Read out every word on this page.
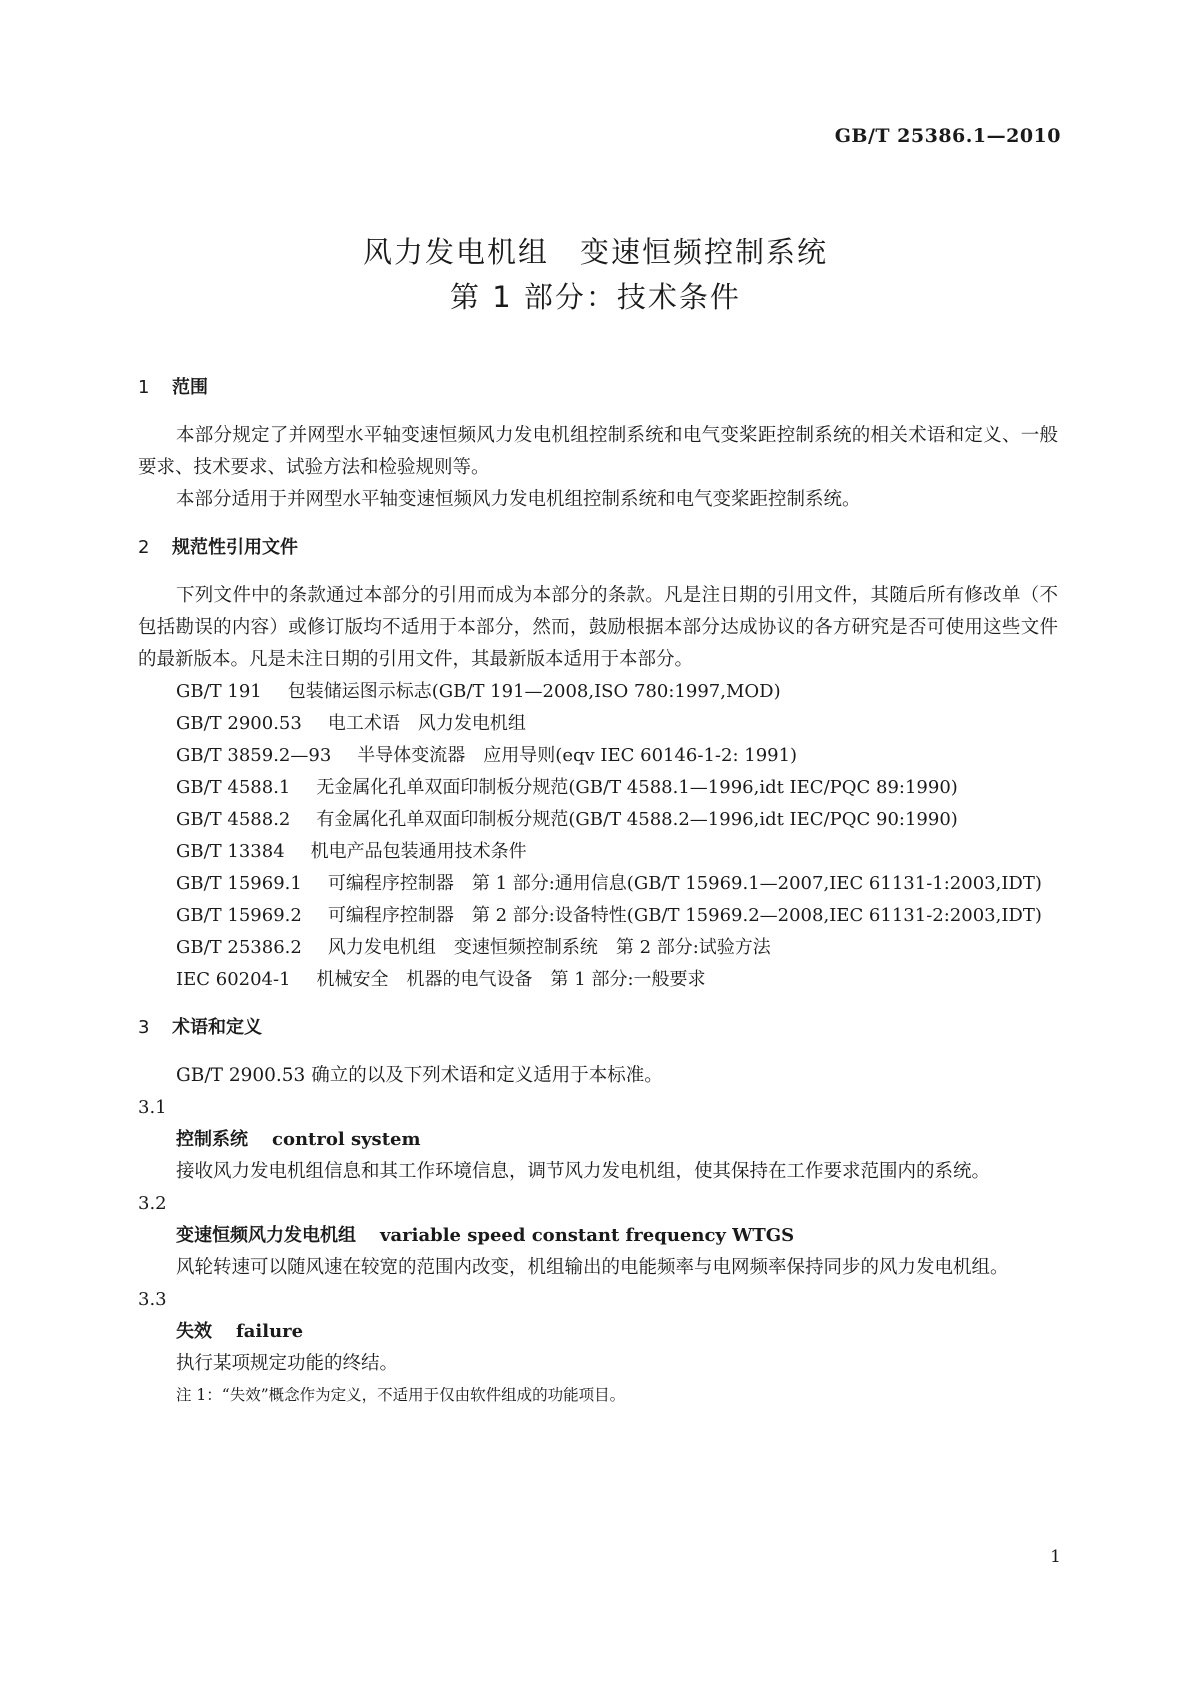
GB/T 25386.1—2010
风力发电机组　变速恒频控制系统
第 1 部分：技术条件
1 范围

本部分规定了并网型水平轴变速恒频风力发电机组控制系统和电气变桨距控制系统的相关术语和定义、一般要求、技术要求、试验方法和检验规则等。

本部分适用于并网型水平轴变速恒频风力发电机组控制系统和电气变桨距控制系统。

2 规范性引用文件

下列文件中的条款通过本部分的引用而成为本部分的条款。凡是注日期的引用文件，其随后所有修改单（不包括勘误的内容）或修订版均不适用于本部分，然而，鼓励根据本部分达成协议的各方研究是否可使用这些文件的最新版本。凡是未注日期的引用文件，其最新版本适用于本部分。

GB/T 191 包装储运图示标志(GB/T 191—2008,ISO 780:1997,MOD)

GB/T 2900.53 电工术语　风力发电机组

GB/T 3859.2—93 半导体变流器　应用导则(eqv IEC 60146-1-2: 1991)

GB/T 4588.1 无金属化孔单双面印制板分规范(GB/T 4588.1—1996,idt IEC/PQC 89:1990)

GB/T 4588.2 有金属化孔单双面印制板分规范(GB/T 4588.2—1996,idt IEC/PQC 90:1990)

GB/T 13384 机电产品包装通用技术条件

GB/T 15969.1 可编程序控制器　第 1 部分:通用信息(GB/T 15969.1—2007,IEC 61131-1:2003,IDT)

GB/T 15969.2 可编程序控制器　第 2 部分:设备特性(GB/T 15969.2—2008,IEC 61131-2:2003,IDT)

GB/T 25386.2 风力发电机组　变速恒频控制系统　第 2 部分:试验方法

IEC 60204-1 机械安全　机器的电气设备　第 1 部分:一般要求

3 术语和定义

GB/T 2900.53 确立的以及下列术语和定义适用于本标准。

3.1

控制系统 control system

接收风力发电机组信息和其工作环境信息，调节风力发电机组，使其保持在工作要求范围内的系统。

3.2

变速恒频风力发电机组 variable speed constant frequency WTGS

风轮转速可以随风速在较宽的范围内改变，机组输出的电能频率与电网频率保持同步的风力发电机组。

3.3

失效 failure

执行某项规定功能的终结。

注 1：“失效”概念作为定义，不适用于仅由软件组成的功能项目。

1
